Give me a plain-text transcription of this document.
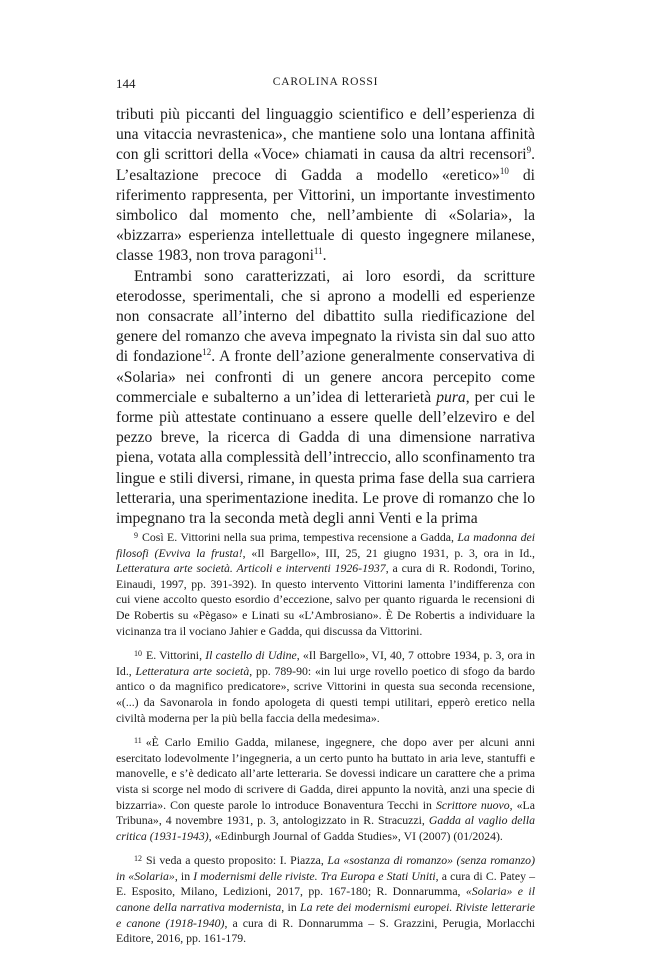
144	CAROLINA ROSSI

tributi più piccanti del linguaggio scientifico e dell’esperienza di una vitaccia nevrastenica», che mantiene solo una lontana affinità con gli scrittori della «Voce» chiamati in causa da altri recensori$^9$. L’esaltazione precoce di Gadda a modello «eretico»$^{10}$ di riferimento rappresenta, per Vittorini, un importante investimento simbolico dal momento che, nell’ambiente di «Solaria», la «bizzarra» esperienza intellettuale di questo ingegnere milanese, classe 1983, non trova paragoni$^{11}$.

Entrambi sono caratterizzati, ai loro esordi, da scritture eterodosse, sperimentali, che si aprono a modelli ed esperienze non consacrate all’interno del dibattito sulla riedificazione del genere del romanzo che aveva impegnato la rivista sin dal suo atto di fondazione$^{12}$. A fronte dell’azione generalmente conservativa di «Solaria» nei confronti di un genere ancora percepito come commerciale e subalterno a un’idea di letterarietà pura, per cui le forme più attestate continuano a essere quelle dell’elzeviro e del pezzo breve, la ricerca di Gadda di una dimensione narrativa piena, votata alla complessità dell’intreccio, allo sconfinamento tra lingue e stili diversi, rimane, in questa prima fase della sua carriera letteraria, una sperimentazione inedita. Le prove di romanzo che lo impegnano tra la seconda metà degli anni Venti e la prima

$^9$ Così E. Vittorini nella sua prima, tempestiva recensione a Gadda, La madonna dei filosofi (Evviva la frusta!, «Il Bargello», III, 25, 21 giugno 1931, p. 3, ora in Id., Letteratura arte società. Articoli e interventi 1926-1937, a cura di R. Rodondi, Torino, Einaudi, 1997, pp. 391-392). In questo intervento Vittorini lamenta l’indifferenza con cui viene accolto questo esordio d’eccezione, salvo per quanto riguarda le recensioni di De Robertis su «Pègaso» e Linati su «L’Ambrosiano». È De Robertis a individuare la vicinanza tra il vociano Jahier e Gadda, qui discussa da Vittorini.

$^{10}$ E. Vittorini, Il castello di Udine, «Il Bargello», VI, 40, 7 ottobre 1934, p. 3, ora in Id., Letteratura arte società, pp. 789-90: «in lui urge rovello poetico di sfogo da bardo antico o da magnifico predicatore», scrive Vittorini in questa sua seconda recensione, «(...) da Savonarola in fondo apologeta di questi tempi utilitari, epperò eretico nella civiltà moderna per la più bella faccia della medesima».

$^{11}$ «È Carlo Emilio Gadda, milanese, ingegnere, che dopo aver per alcuni anni esercitato lodevolmente l’ingegneria, a un certo punto ha buttato in aria leve, stantuffi e manovelle, e s’è dedicato all’arte letteraria. Se dovessi indicare un carattere che a prima vista si scorge nel modo di scrivere di Gadda, direi appunto la novità, anzi una specie di bizzarria». Con queste parole lo introduce Bonaventura Tecchi in Scrittore nuovo, «La Tribuna», 4 novembre 1931, p. 3, antologizzato in R. Stracuzzi, Gadda al vaglio della critica (1931-1943), «Edinburgh Journal of Gadda Studies», VI (2007) (01/2024).

$^{12}$ Si veda a questo proposito: I. Piazza, La «sostanza di romanzo» (senza romanzo) in «Solaria», in I modernismi delle riviste. Tra Europa e Stati Uniti, a cura di C. Patey – E. Esposito, Milano, Ledizioni, 2017, pp. 167-180; R. Donnarumma, «Solaria» e il canone della narrativa modernista, in La rete dei modernismi europei. Riviste letterarie e canone (1918-1940), a cura di R. Donnarumma – S. Grazzini, Perugia, Morlacchi Editore, 2016, pp. 161-179.
